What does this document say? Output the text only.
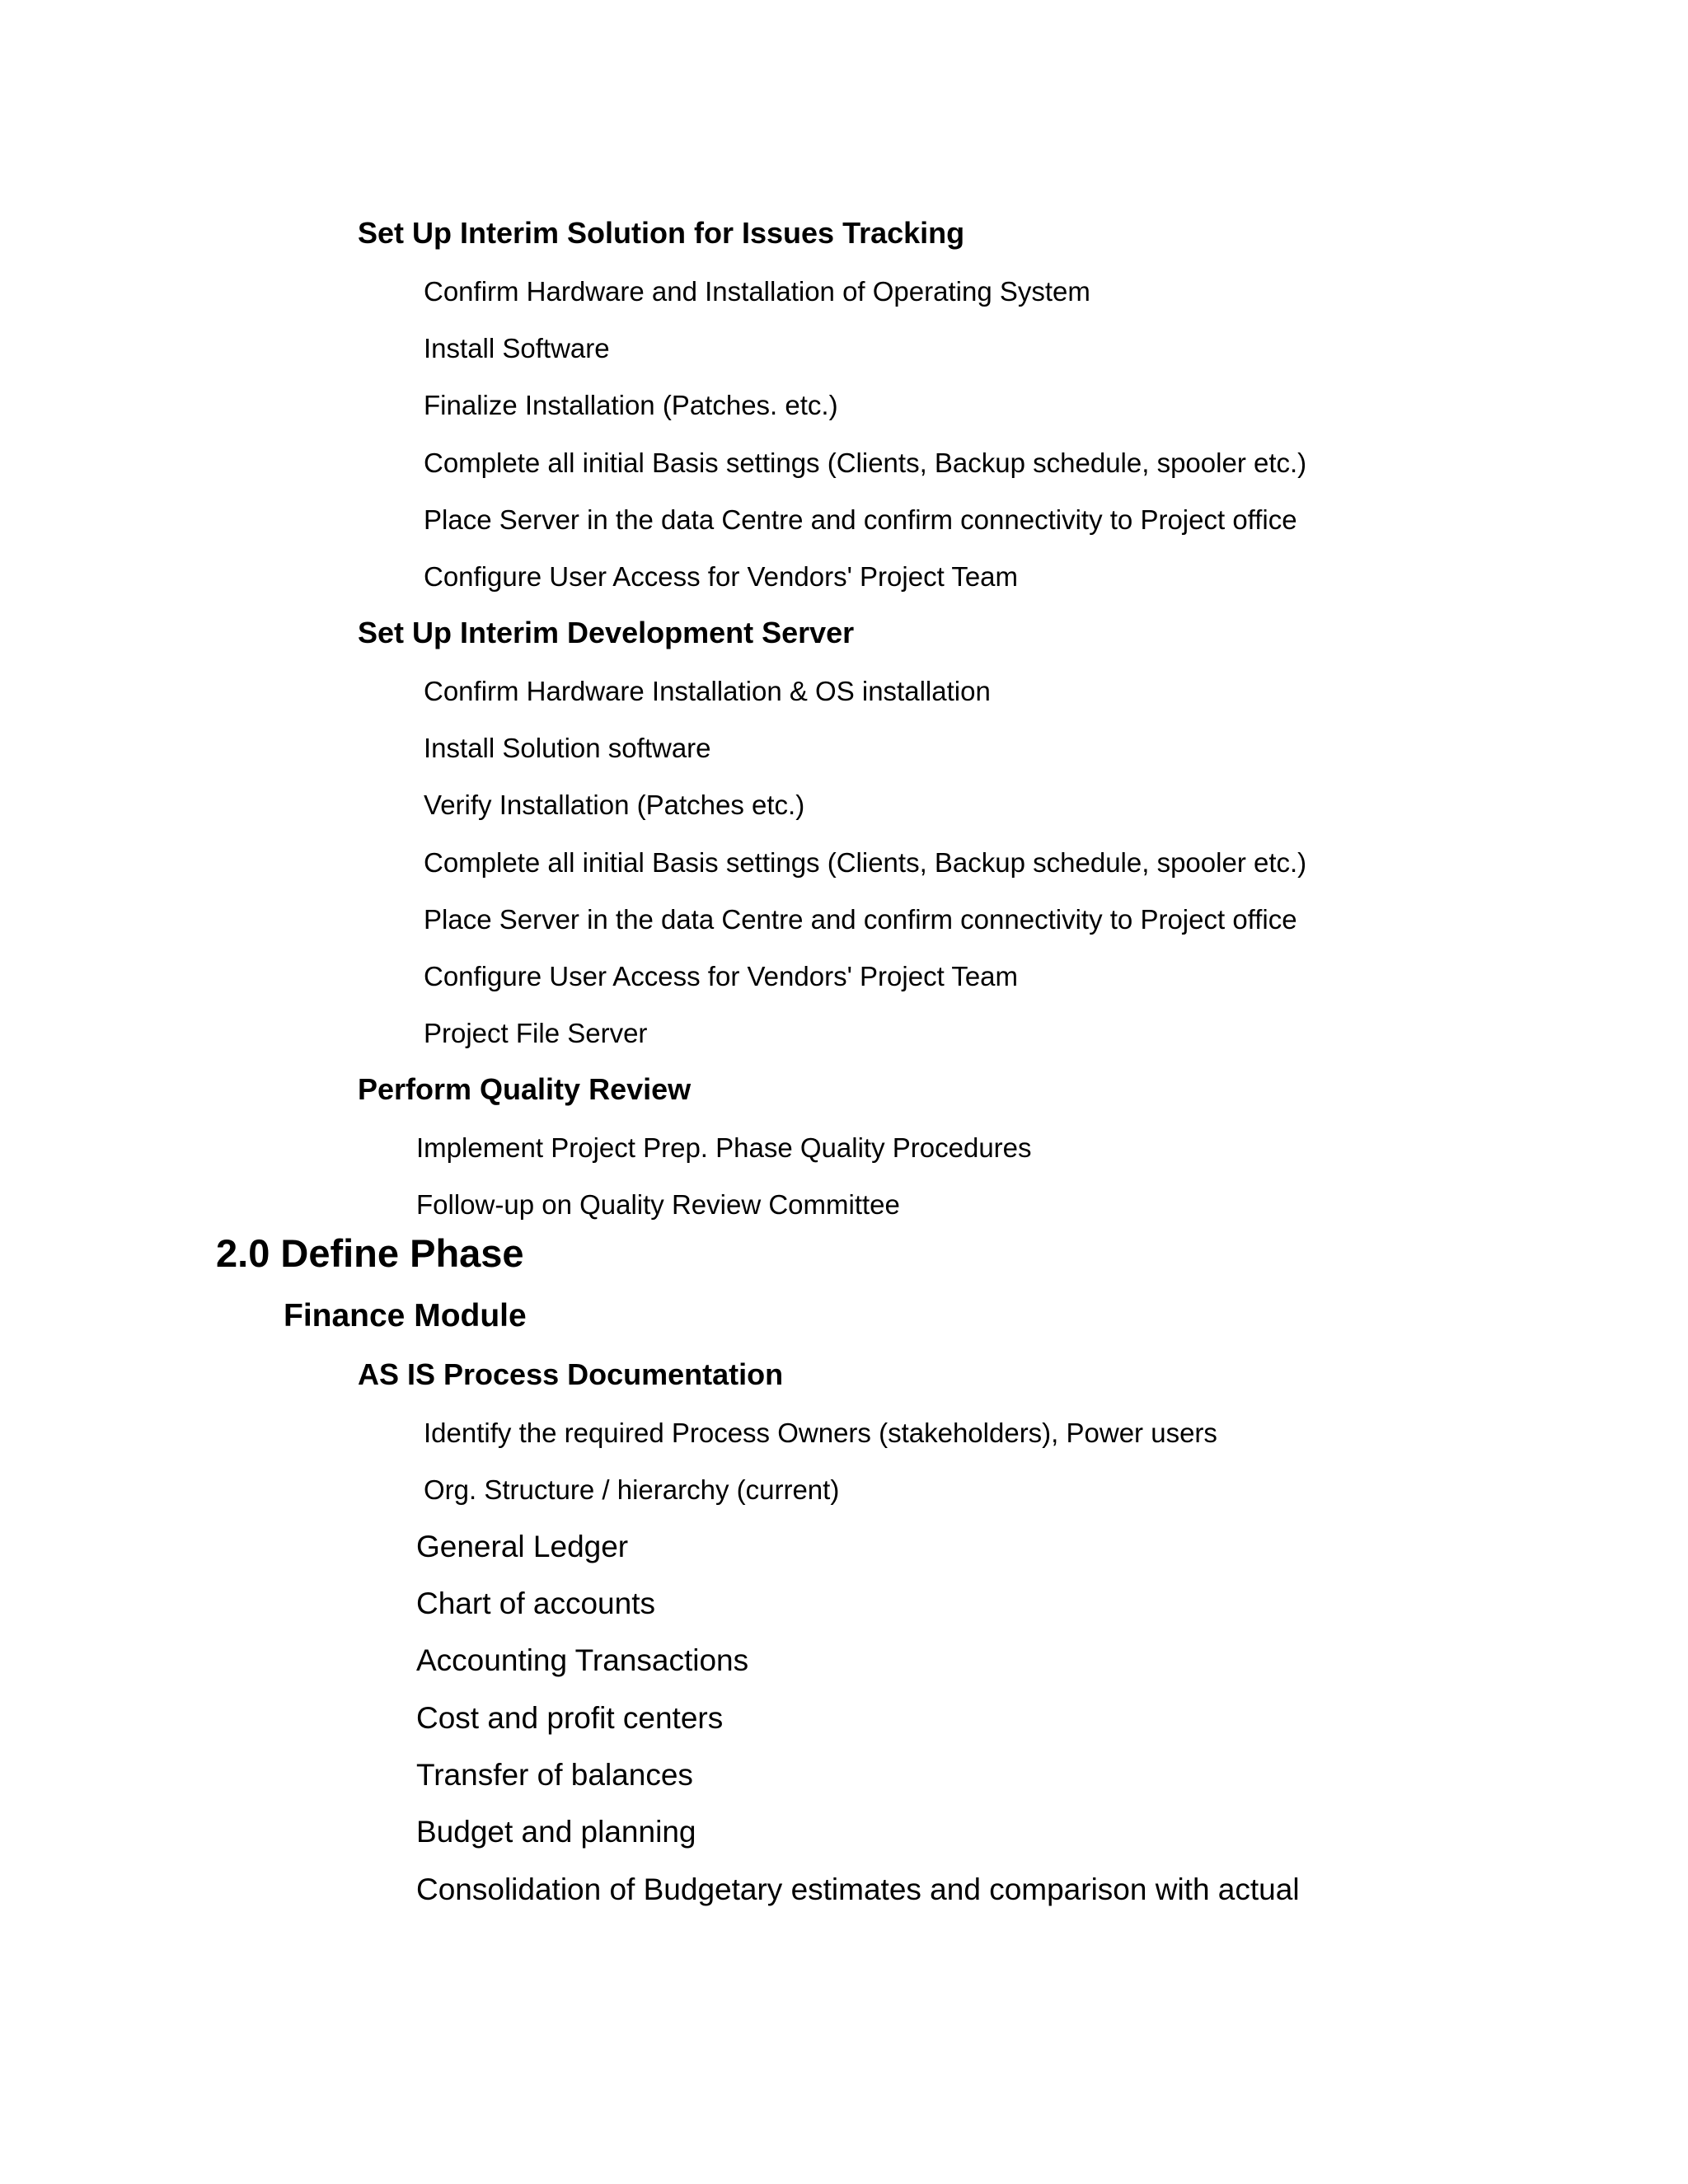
Set Up Interim Solution for Issues Tracking
Confirm Hardware and Installation of Operating System
Install Software
Finalize Installation (Patches. etc.)
Complete all initial Basis settings (Clients, Backup schedule, spooler etc.)
Place Server in the data Centre and confirm connectivity to Project office
Configure User Access for Vendors' Project Team
Set Up Interim Development Server
Confirm Hardware Installation & OS installation
Install Solution software
Verify Installation (Patches etc.)
Complete all initial Basis settings (Clients, Backup schedule, spooler etc.)
Place Server in the data Centre and confirm connectivity to Project office
Configure User Access for Vendors' Project Team
Project File Server
Perform Quality Review
Implement Project Prep. Phase Quality Procedures
Follow-up on Quality Review Committee
2.0 Define Phase
Finance Module
AS IS Process Documentation
Identify the required Process Owners (stakeholders), Power users
Org. Structure / hierarchy (current)
General Ledger
Chart of accounts
Accounting Transactions
Cost and profit centers
Transfer of balances
Budget and planning
Consolidation of Budgetary estimates and comparison with actual
